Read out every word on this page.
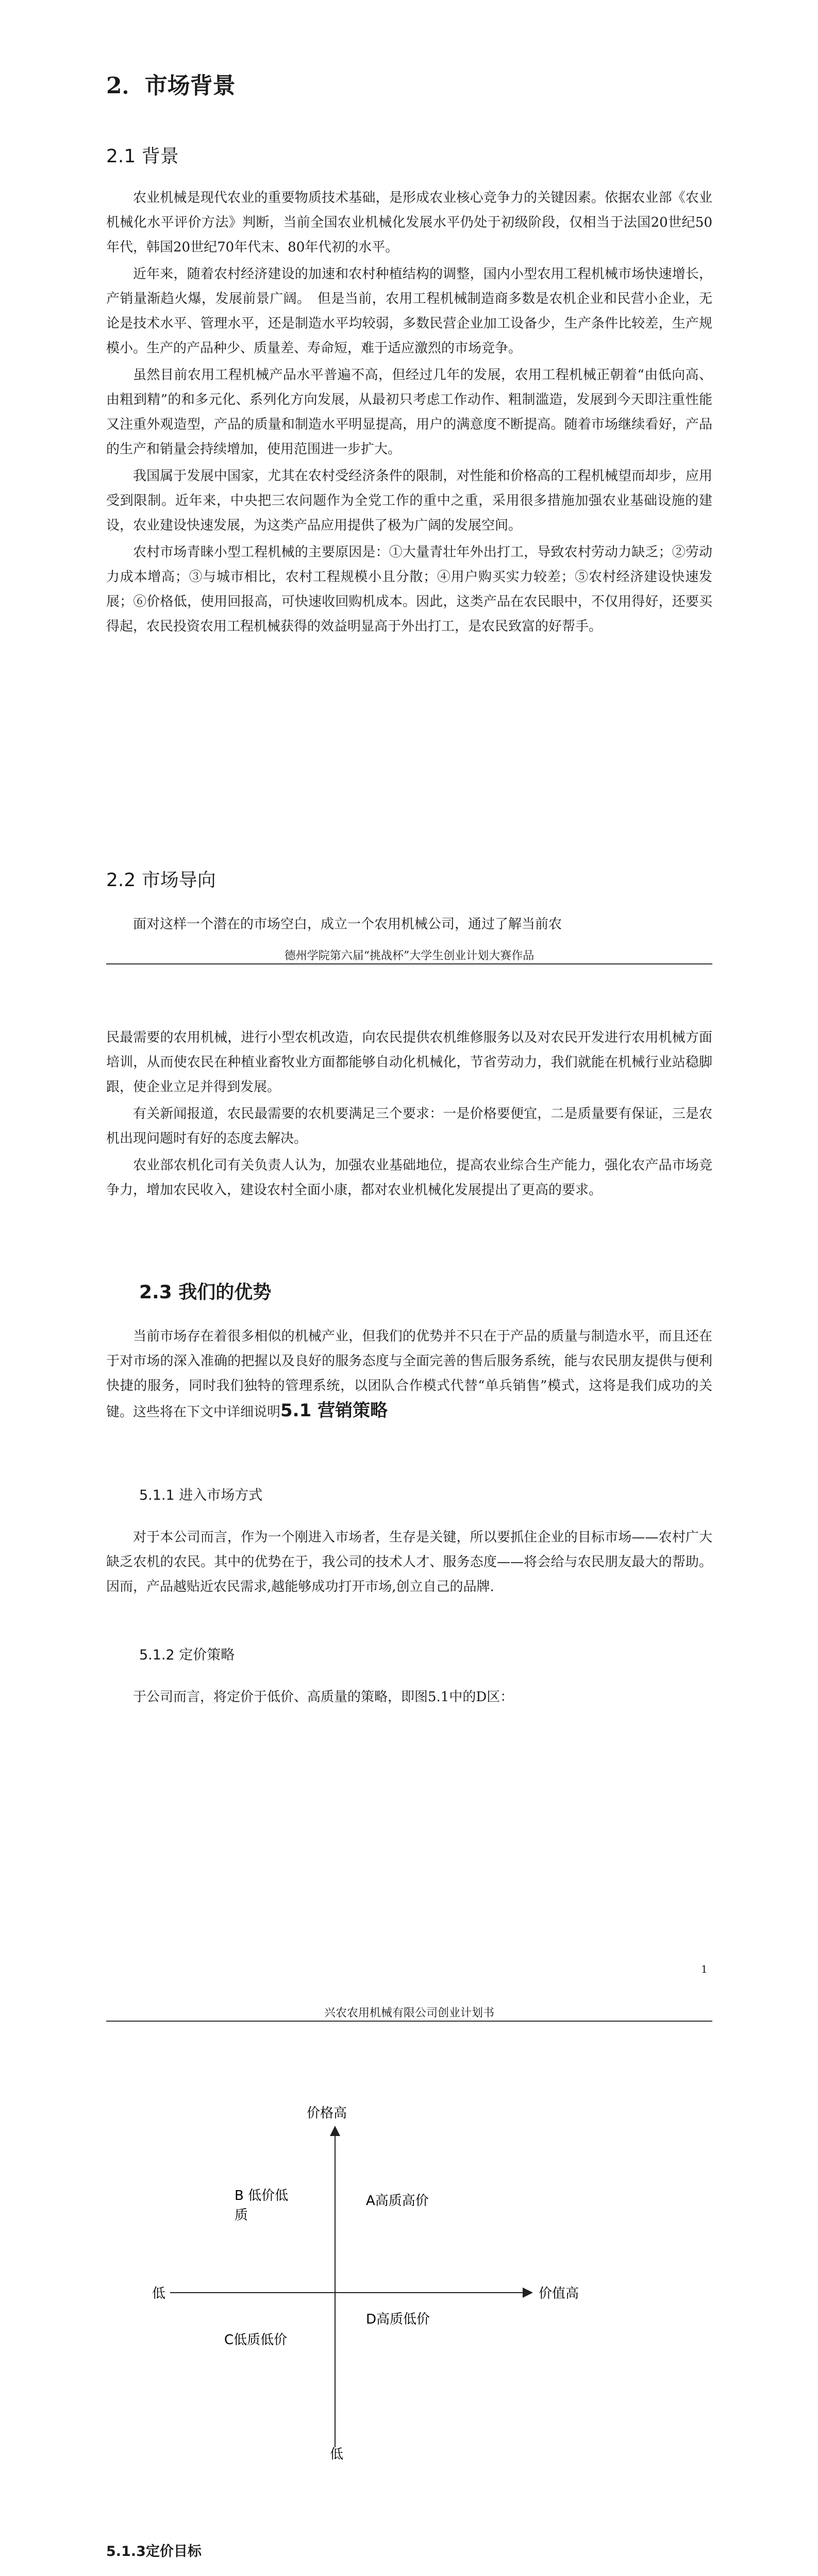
2．市场背景
2.1 背景

农业机械是现代农业的重要物质技术基础，是形成农业核心竞争力的关键因素。依据农业部《农业机械化水平评价方法》判断，当前全国农业机械化发展水平仍处于初级阶段，仅相当于法国20世纪50年代，韩国20世纪70年代末、80年代初的水平。

近年来，随着农村经济建设的加速和农村种植结构的调整，国内小型农用工程机械市场快速增长，产销量渐趋火爆，发展前景广阔。　但是当前，农用工程机械制造商多数是农机企业和民营小企业，无论是技术水平、管理水平，还是制造水平均较弱，多数民营企业加工设备少，生产条件比较差，生产规模小。生产的产品种少、质量差、寿命短，难于适应激烈的市场竞争。

虽然目前农用工程机械产品水平普遍不高，但经过几年的发展，农用工程机械正朝着“由低向高、由粗到精”的和多元化、系列化方向发展，从最初只考虑工作动作、粗制滥造，发展到今天即注重性能又注重外观造型，产品的质量和制造水平明显提高，用户的满意度不断提高。随着市场继续看好，产品的生产和销量会持续增加，使用范围进一步扩大。

我国属于发展中国家，尤其在农村受经济条件的限制，对性能和价格高的工程机械望而却步，应用受到限制。近年来，中央把三农问题作为全党工作的重中之重，采用很多措施加强农业基础设施的建设，农业建设快速发展，为这类产品应用提供了极为广阔的发展空间。

农村市场青睐小型工程机械的主要原因是：①大量青壮年外出打工，导致农村劳动力缺乏；②劳动力成本增高；③与城市相比，农村工程规模小且分散；④用户购买实力较差；⑤农村经济建设快速发展；⑥价格低，使用回报高，可快速收回购机成本。因此，这类产品在农民眼中，不仅用得好，还要买得起，农民投资农用工程机械获得的效益明显高于外出打工，是农民致富的好帮手。

2.2 市场导向
面对这样一个潜在的市场空白，成立一个农用机械公司，通过了解当前农
德州学院第六届“挑战杯”大学生创业计划大赛作品

民最需要的农用机械，进行小型农机改造，向农民提供农机维修服务以及对农民开发进行农用机械方面培训，从而使农民在种植业畜牧业方面都能够自动化机械化，节省劳动力，我们就能在机械行业站稳脚跟，使企业立足并得到发展。

有关新闻报道，农民最需要的农机要满足三个要求：一是价格要便宜，二是质量要有保证，三是农机出现问题时有好的态度去解决。

农业部农机化司有关负责人认为，加强农业基础地位，提高农业综合生产能力，强化农产品市场竞争力，增加农民收入，建设农村全面小康，都对农业机械化发展提出了更高的要求。

2.3 我们的优势

当前市场存在着很多相似的机械产业，但我们的优势并不只在于产品的质量与制造水平，而且还在于对市场的深入准确的把握以及良好的服务态度与全面完善的售后服务系统，能与农民朋友提供与便利快捷的服务，同时我们独特的管理系统，以团队合作模式代替“单兵销售”模式，这将是我们成功的关键。这些将在下文中详细说明5.1 营销策略

5.1.1 进入市场方式
对于本公司而言，作为一个刚进入市场者，生存是关键，所以要抓住企业的目标市场——农村广大缺乏农机的农民。其中的优势在于，我公司的技术人才、服务态度——将会给与农民朋友最大的帮助。因而，产品越贴近农民需求,越能够成功打开市场,创立自己的品牌.
5.1.2 定价策略
于公司而言，将定价于低价、高质量的策略，即图5.1中的D区：
1
兴农农用机械有限公司创业计划书
价格高
低
低	价值高
A高质高价
B 低价低
质
C低质低价
D高质低价
5.1.3定价目标
